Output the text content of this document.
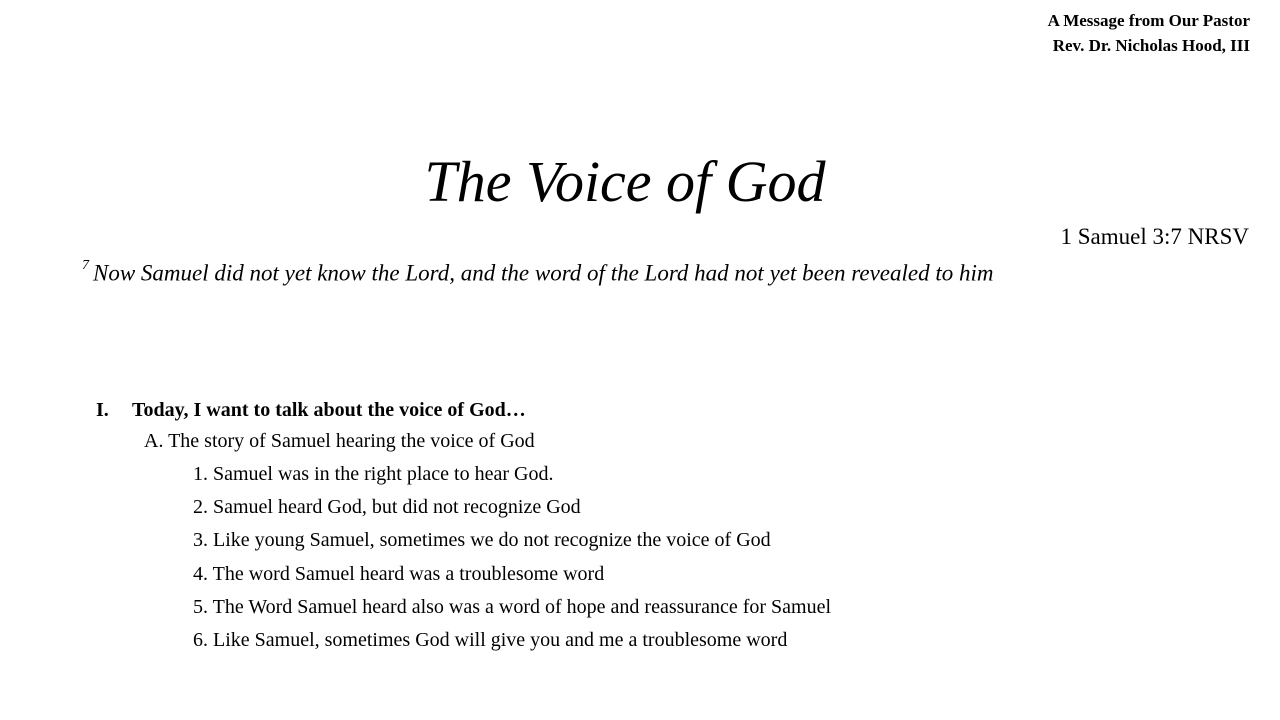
A Message from Our Pastor
Rev. Dr. Nicholas Hood, III
The Voice of God
1 Samuel 3:7 NRSV
$^7$ Now Samuel did not yet know the Lord, and the word of the Lord had not yet been revealed to him
I.	Today, I want to talk about the voice of God…
A. The story of Samuel hearing the voice of God
1. Samuel was in the right place to hear God.
2. Samuel heard God, but did not recognize God
3. Like young Samuel, sometimes we do not recognize the voice of God
4. The word Samuel heard was a troublesome word
5. The Word Samuel heard also was a word of hope and reassurance for Samuel
6. Like Samuel, sometimes God will give you and me a troublesome word
